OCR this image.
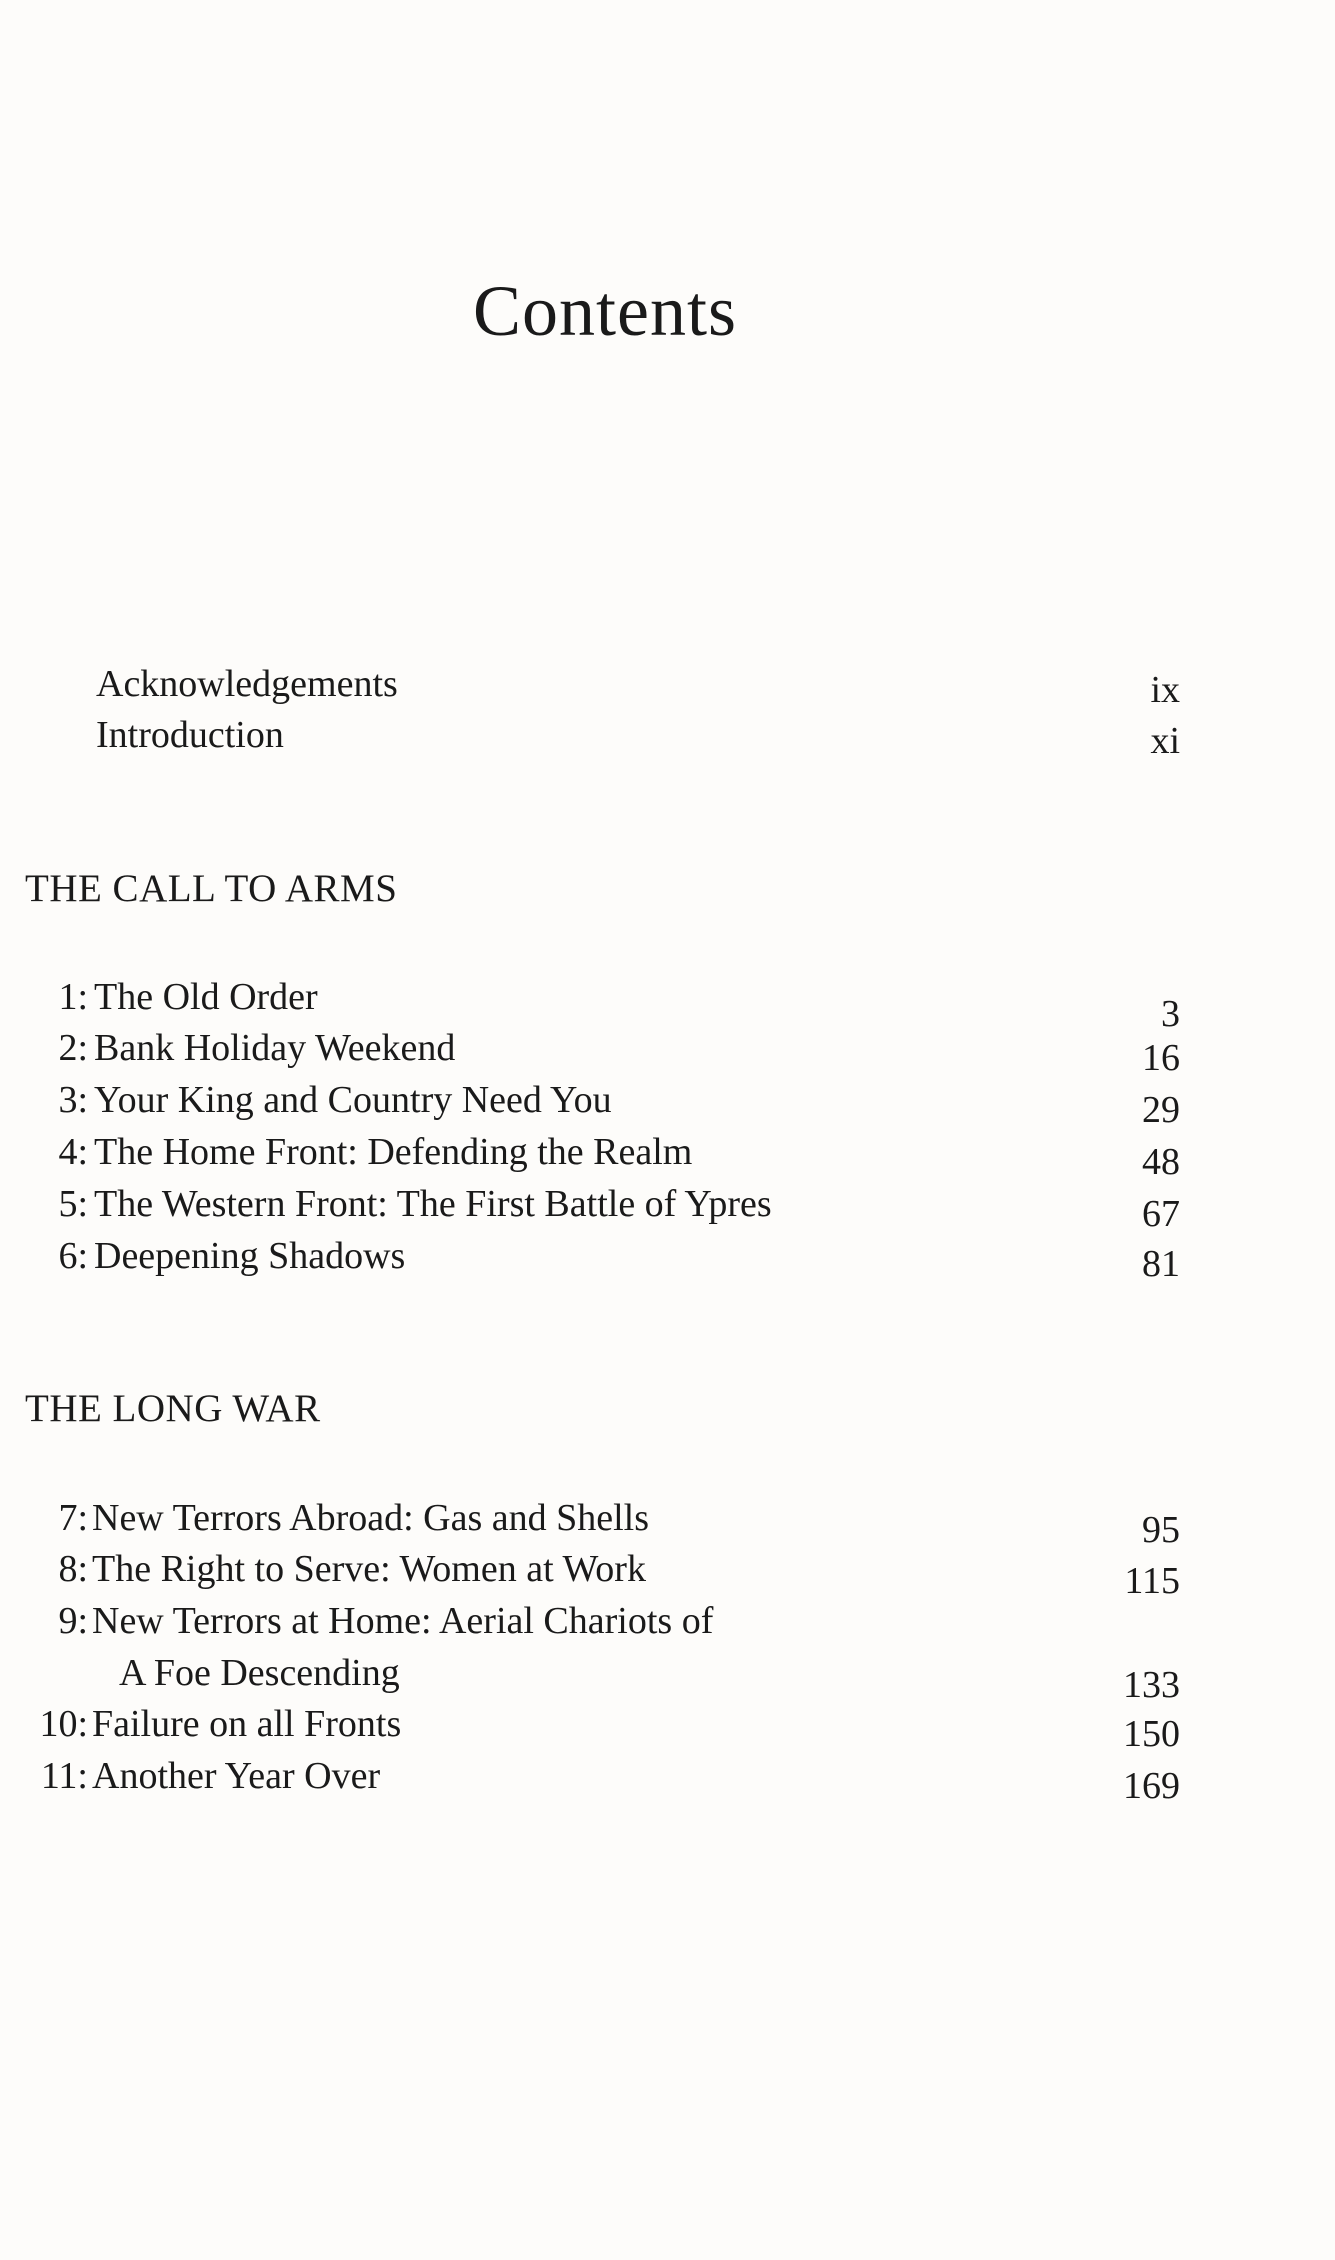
Contents
Acknowledgements	ix
Introduction	xi
THE CALL TO ARMS
1: The Old Order	3
2: Bank Holiday Weekend	16
3: Your King and Country Need You	29
4: The Home Front: Defending the Realm	48
5: The Western Front: The First Battle of Ypres	67
6: Deepening Shadows	81
THE LONG WAR
7: New Terrors Abroad: Gas and Shells	95
8: The Right to Serve: Women at Work	115
9: New Terrors at Home: Aerial Chariots of
A Foe Descending	133
10: Failure on all Fronts	150
11: Another Year Over	169
